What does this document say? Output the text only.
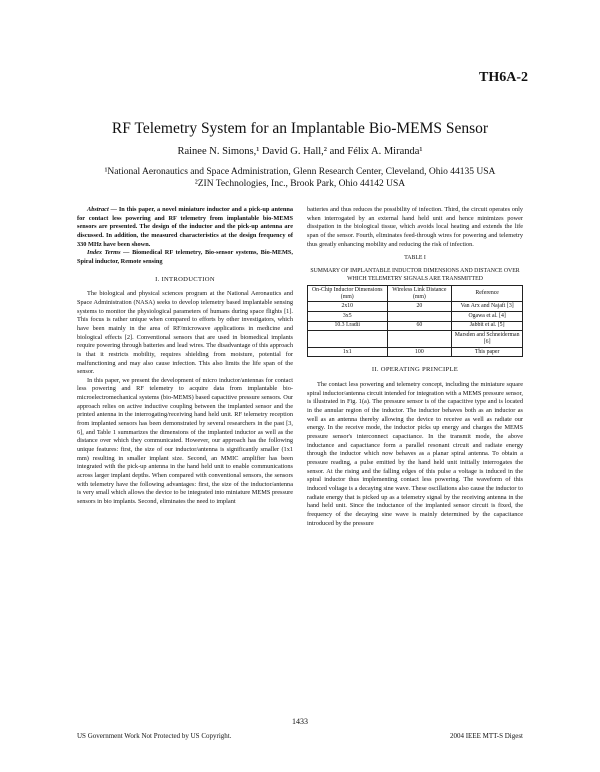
TH6A-2
RF Telemetry System for an Implantable Bio-MEMS Sensor
Rainee N. Simons,¹ David G. Hall,² and Félix A. Miranda¹
¹National Aeronautics and Space Administration, Glenn Research Center, Cleveland, Ohio 44135 USA
²ZIN Technologies, Inc., Brook Park, Ohio 44142 USA

Abstract — In this paper, a novel miniature inductor and a pick-up antenna for contact less powering and RF telemetry from implantable bio-MEMS sensors are presented. The design of the inductor and the pick-up antenna are discussed. In addition, the measured characteristics at the design frequency of 330 MHz have been shown.

Index Terms — Biomedical RF telemetry, Bio-sensor systems, Bio-MEMS, Spiral inductor, Remote sensing

I. INTRODUCTION

The biological and physical sciences program at the National Aeronautics and Space Administration (NASA) seeks to develop telemetry based implantable sensing systems to monitor the physiological parameters of humans during space flights [1]. This focus is rather unique when compared to efforts by other investigators, which have been mainly in the area of RF/microwave applications in medicine and biological effects [2]. Conventional sensors that are used in biomedical implants require powering through batteries and lead wires. The disadvantage of this approach is that it restricts mobility, requires shielding from moisture, potential for malfunctioning and may also cause infection. This also limits the life span of the sensor.

In this paper, we present the development of micro inductor/antennas for contact less powering and RF telemetry to acquire data from implantable bio-microelectromechanical systems (bio-MEMS) based capacitive pressure sensors. Our approach relies on active inductive coupling between the implanted sensor and the printed antenna in the interrogating/receiving hand held unit. RF telemetry reception from implanted sensors has been demonstrated by several researchers in the past [3, 6], and Table 1 summarizes the dimensions of the implanted inductor as well as the distance over which they communicated. However, our approach has the following unique features: first, the size of our inductor/antenna is significantly smaller (1x1 mm) resulting in smaller implant size. Second, an MMIC amplifier has been integrated with the pick-up antenna in the hand held unit to enable communications across larger implant depths. When compared with conventional sensors, the sensors with telemetry have the following advantages: first, the size of the inductor/antenna is very small which allows the device to be integrated into miniature MEMS pressure sensors in bio implants. Second, eliminates the need to implant

batteries and thus reduces the possibility of infection. Third, the circuit operates only when interrogated by an external hand held unit and hence minimizes power dissipation in the biological tissue, which avoids local heating and extends the life span of the sensor. Fourth, eliminates feed-through wires for powering and telemetry thus greatly enhancing mobility and reducing the risk of infection.

TABLE I

SUMMARY OF IMPLANTABLE INDUCTOR DIMENSIONS AND DISTANCE OVER WHICH TELEMETRY SIGNALS ARE TRANSMITTED

On-Chip Inductor Dimensions (mm)	Wireless Link Distance (mm)	Reference
2x10	20	Van Arx and Najafi [3]
3x5		Ogawa et al. [4]
10.3 I.radii	60	Jabbit et al. [5]
		Marsden and Schneiderman [6]
1x1	100	This paper

II. OPERATING PRINCIPLE

The contact less powering and telemetry concept, including the miniature square spiral inductor/antenna circuit intended for integration with a MEMS pressure sensor, is illustrated in Fig. 1(a). The pressure sensor is of the capacitive type and is located in the annular region of the inductor. The inductor behaves both as an inductor as well as an antenna thereby allowing the device to receive as well as radiate our energy. In the receive mode, the inductor picks up energy and charges the MEMS pressure sensor's interconnect capacitance. In the transmit mode, the above inductance and capacitance form a parallel resonant circuit and radiate energy through the inductor which now behaves as a planar spiral antenna. To obtain a pressure reading, a pulse emitted by the hand held unit initially interrogates the sensor. At the rising and the falling edges of this pulse a voltage is induced in the spiral inductor thus implementing contact less powering. The waveform of this induced voltage is a decaying sine wave. These oscillations also cause the inductor to radiate energy that is picked up as a telemetry signal by the receiving antenna in the hand held unit. Since the inductance of the implanted sensor circuit is fixed, the frequency of the decaying sine wave is mainly determined by the capacitance introduced by the pressure

1433
US Government Work Not Protected by US Copyright.	2004 IEEE MTT-S Digest
